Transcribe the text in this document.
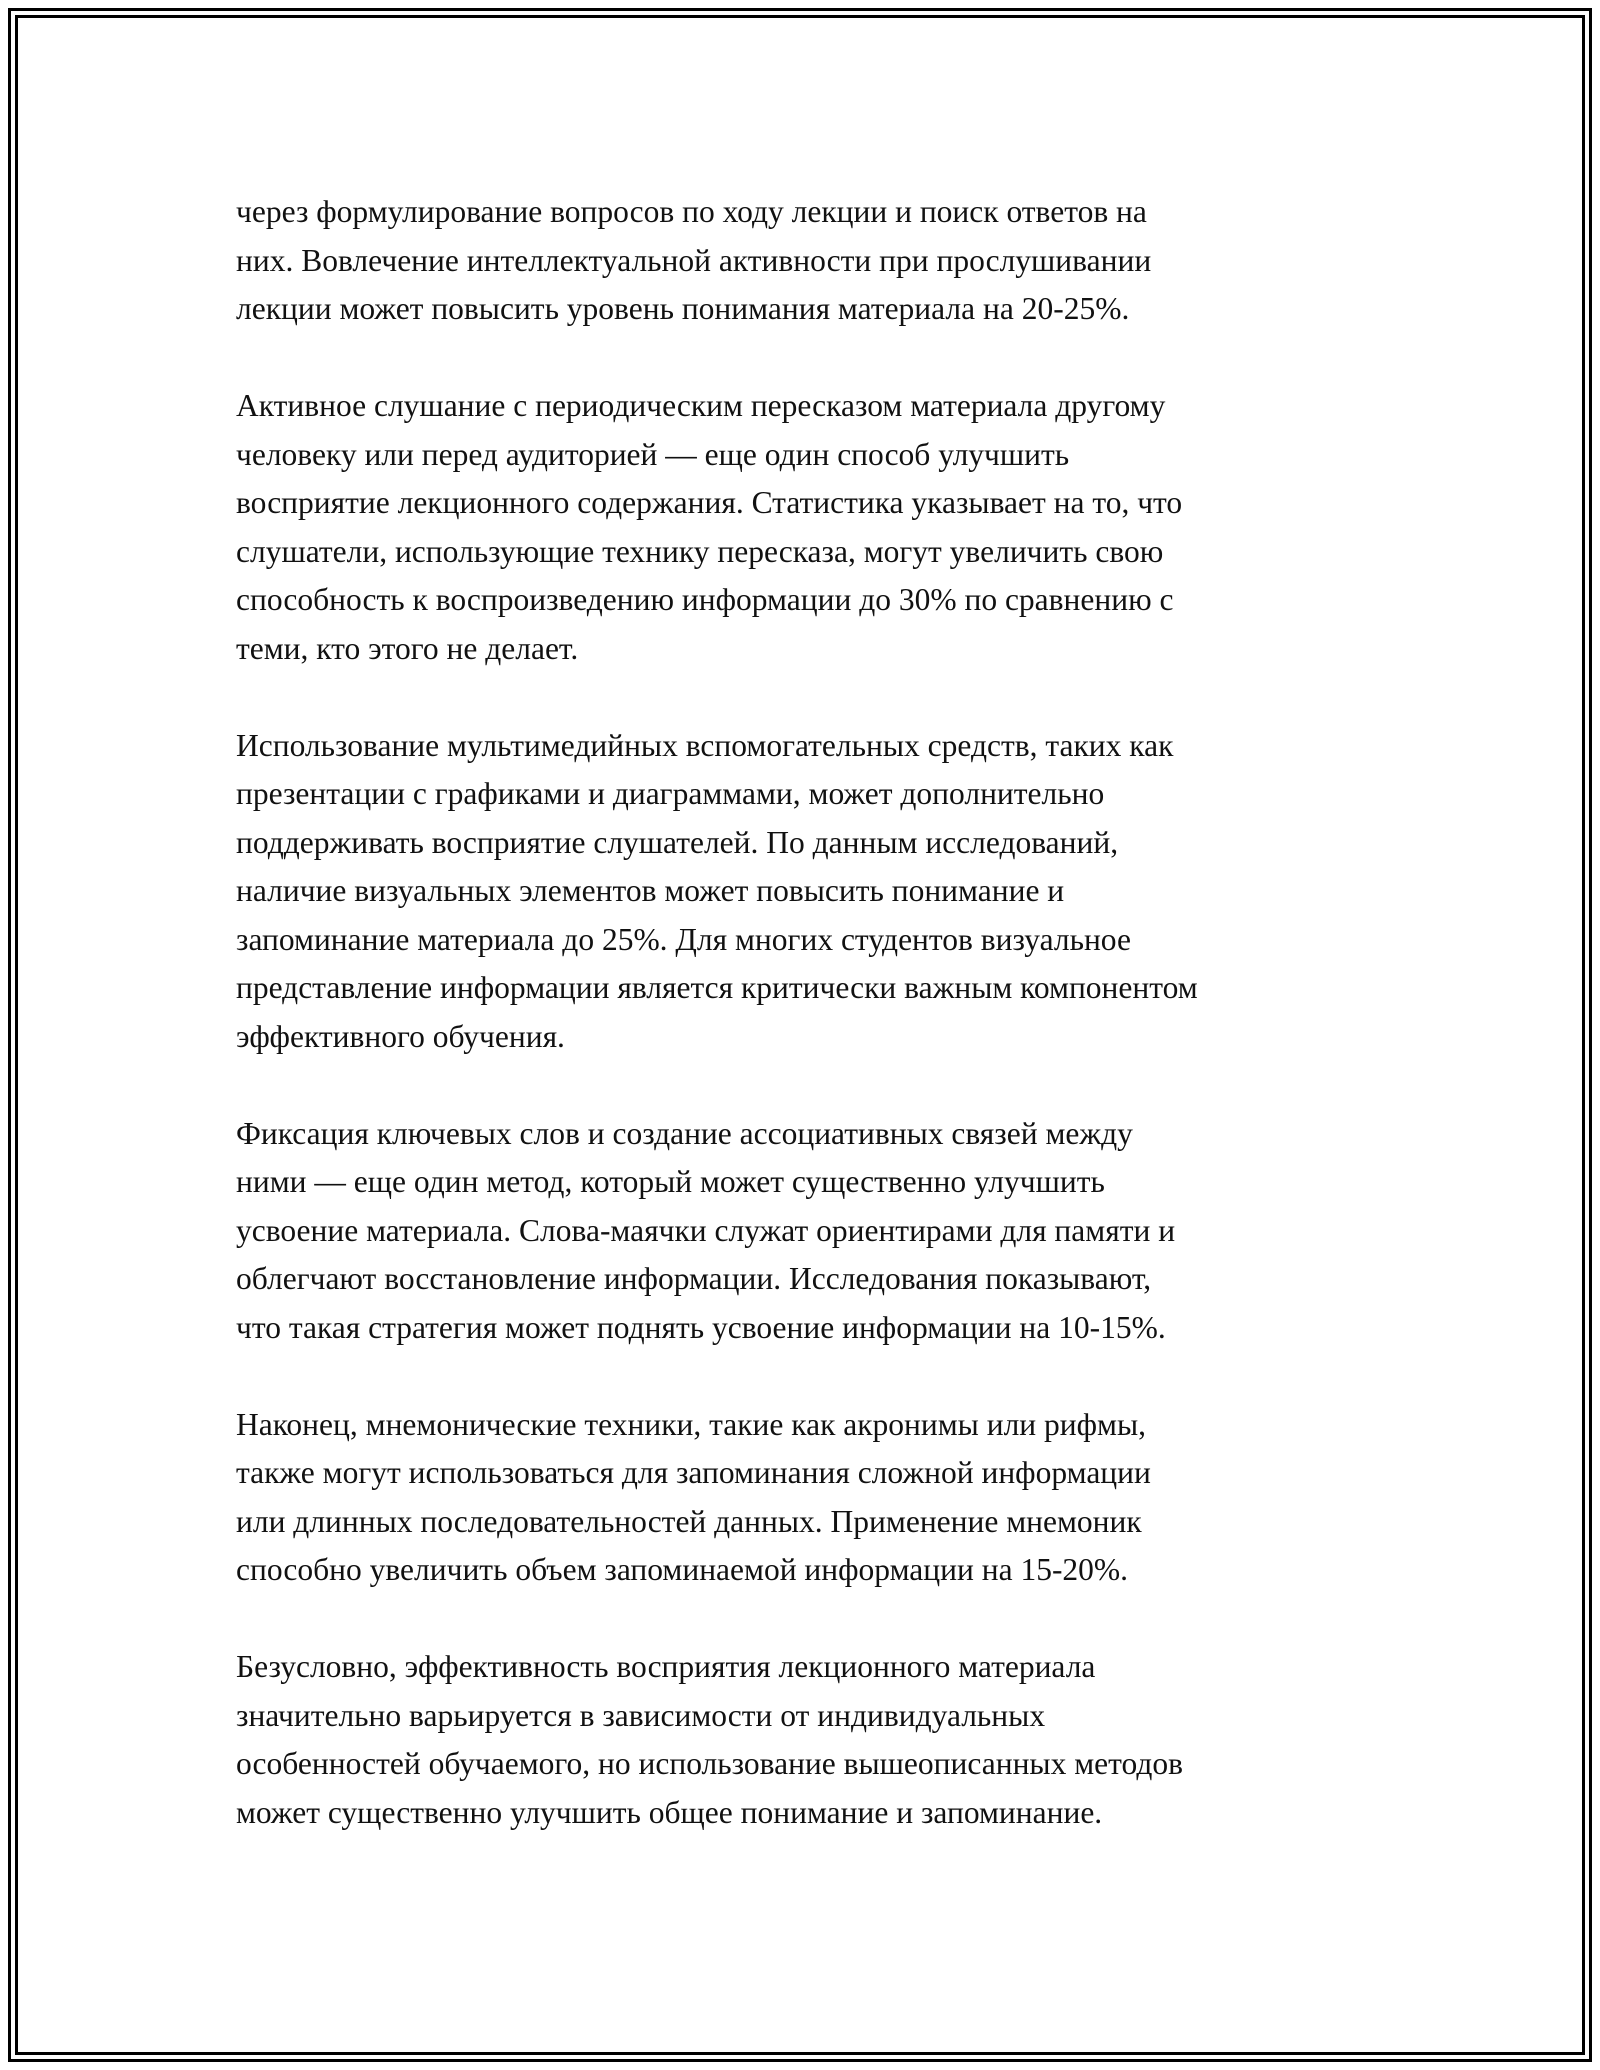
через формулирование вопросов по ходу лекции и поиск ответов на
них. Вовлечение интеллектуальной активности при прослушивании
лекции может повысить уровень понимания материала на 20-25%.

Активное слушание с периодическим пересказом материала другому
человеку или перед аудиторией — еще один способ улучшить
восприятие лекционного содержания. Статистика указывает на то, что
слушатели, использующие технику пересказа, могут увеличить свою
способность к воспроизведению информации до 30% по сравнению с
теми, кто этого не делает.

Использование мультимедийных вспомогательных средств, таких как
презентации с графиками и диаграммами, может дополнительно
поддерживать восприятие слушателей. По данным исследований,
наличие визуальных элементов может повысить понимание и
запоминание материала до 25%. Для многих студентов визуальное
представление информации является критически важным компонентом
эффективного обучения.

Фиксация ключевых слов и создание ассоциативных связей между
ними — еще один метод, который может существенно улучшить
усвоение материала. Слова-маячки служат ориентирами для памяти и
облегчают восстановление информации. Исследования показывают,
что такая стратегия может поднять усвоение информации на 10-15%.

Наконец, мнемонические техники, такие как акронимы или рифмы,
также могут использоваться для запоминания сложной информации
или длинных последовательностей данных. Применение мнемоник
способно увеличить объем запоминаемой информации на 15-20%.

Безусловно, эффективность восприятия лекционного материала
значительно варьируется в зависимости от индивидуальных
особенностей обучаемого, но использование вышеописанных методов
может существенно улучшить общее понимание и запоминание.
